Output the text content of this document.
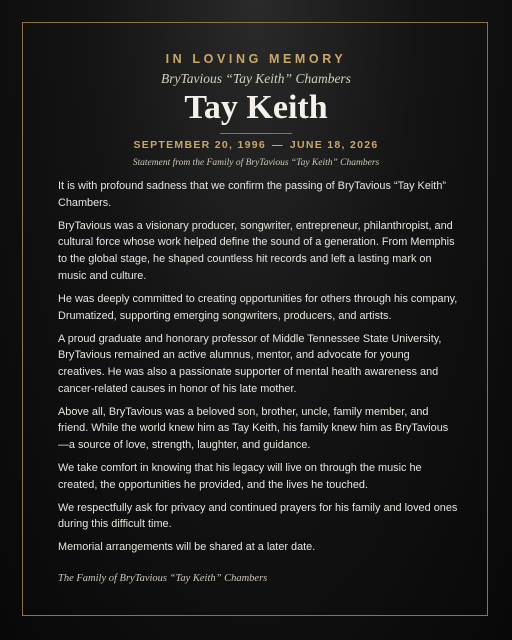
IN LOVING MEMORY
BryTavious “Tay Keith” Chambers
Tay Keith
SEPTEMBER 20, 1996 — JUNE 18, 2026
Statement from the Family of BryTavious “Tay Keith” Chambers

It is with profound sadness that we confirm the passing of BryTavious “Tay Keith” Chambers.

BryTavious was a visionary producer, songwriter, entrepreneur, philanthropist, and cultural force whose work helped define the sound of a generation. From Memphis to the global stage, he shaped countless hit records and left a lasting mark on music and culture.

He was deeply committed to creating opportunities for others through his company, Drumatized, supporting emerging songwriters, producers, and artists.

A proud graduate and honorary professor of Middle Tennessee State University, BryTavious remained an active alumnus, mentor, and advocate for young creatives. He was also a passionate supporter of mental health awareness and cancer-related causes in honor of his late mother.

Above all, BryTavious was a beloved son, brother, uncle, family member, and friend. While the world knew him as Tay Keith, his family knew him as BryTavious—a source of love, strength, laughter, and guidance.

We take comfort in knowing that his legacy will live on through the music he created, the opportunities he provided, and the lives he touched.

We respectfully ask for privacy and continued prayers for his family and loved ones during this difficult time.

Memorial arrangements will be shared at a later date.

The Family of BryTavious “Tay Keith” Chambers
